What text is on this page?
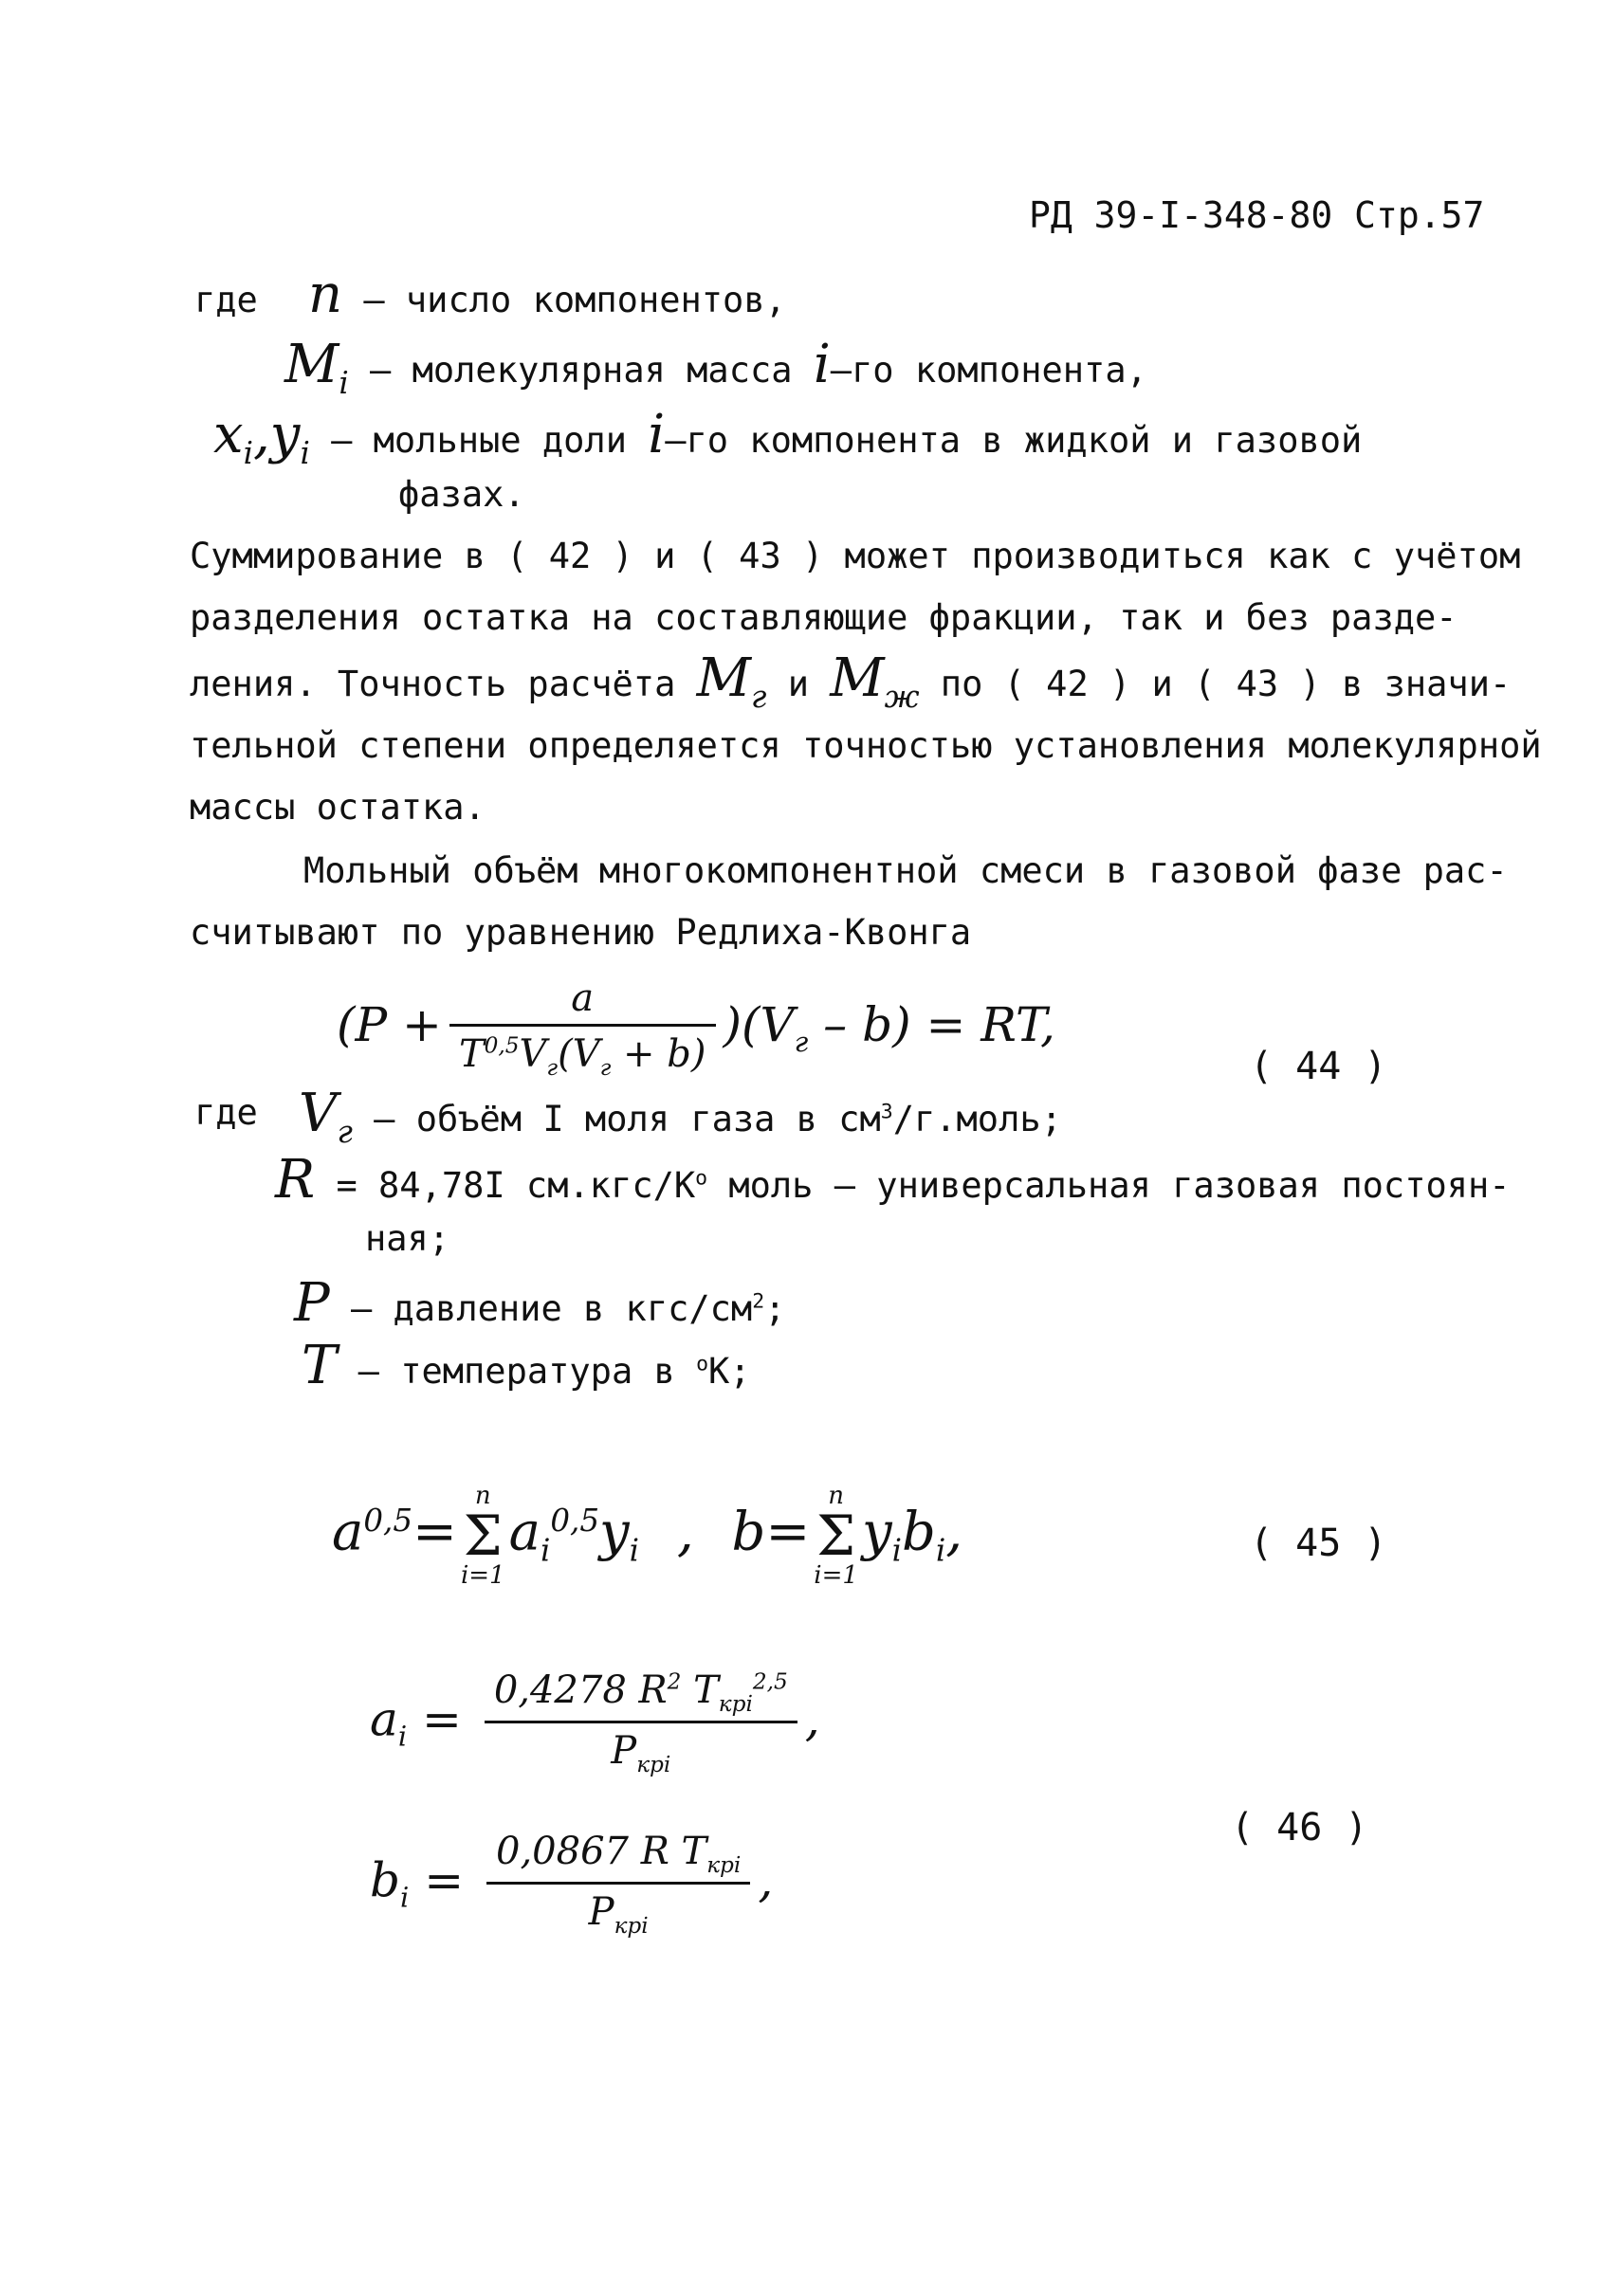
РД 39-I-348-80 Стр.57
где n – число компонентов,
$M_i$ – молекулярная масса i–го компонента,
$x_i,y_i$ – мольные доли i–го компонента в жидкой и газовой
фазах.
Суммирование в ( 42 ) и ( 43 ) может производиться как с учётом
разделения остатка на составляющие фракции, так и без разде-
ления. Точность расчёта $M_г$ и $M_ж$ по ( 42 ) и ( 43 ) в значи-
тельной степени определяется точностью установления молекулярной
массы остатка.
Мольный объём многокомпонентной смеси в газовой фазе рас-
считывают по уравнению Редлиха-Квонга
$(P + \frac{a}{T^{0,5}V_г(V_г + b)} )(V_г - b)$ = RT,
( 44 )
где $V_г$ – объём I моля газа в $см^3/г.моль$;
R = 84,78I $см.кгс/К^о$ моль – универсальная газовая постоян-
ная;
P – давление в кгс/$см^2$;
T – температура в $^о$К;
$a^{0,5}=$
n
Σ
i=1
$a_i^{0,5}y_i$ , b=
n
Σ
i=1
$y_ib_i$,	( 45 )
$a_i = \frac{0,4278 R^2 T_{крi}^{2,5}}{P_{крi}}$ ,
( 46 )
$b_i = \frac{0,0867 R T_{крi}}{P_{крi}}$ ,
